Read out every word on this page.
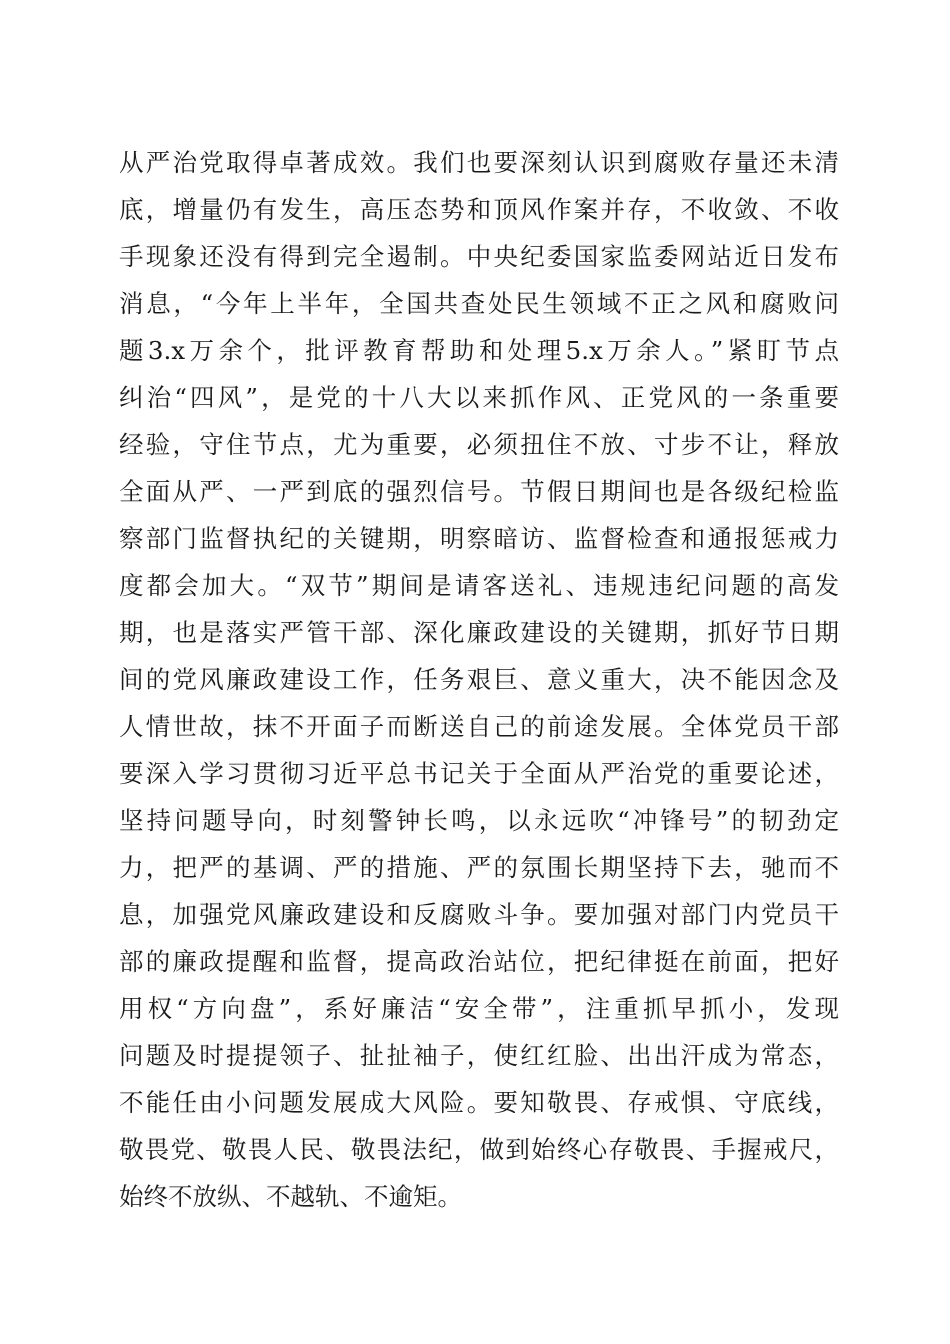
从严治党取得卓著成效。我们也要深刻认识到腐败存量还未清
底，增量仍有发生，高压态势和顶风作案并存，不收敛、不收
手现象还没有得到完全遏制。中央纪委国家监委网站近日发布
消息，“今年上半年，全国共查处民生领域不正之风和腐败问
题3.x万余个，批评教育帮助和处理5.x万余人。”紧盯节点
纠治“四风”，是党的十八大以来抓作风、正党风的一条重要
经验，守住节点，尤为重要，必须扭住不放、寸步不让，释放
全面从严、一严到底的强烈信号。节假日期间也是各级纪检监
察部门监督执纪的关键期，明察暗访、监督检查和通报惩戒力
度都会加大。“双节”期间是请客送礼、违规违纪问题的高发
期，也是落实严管干部、深化廉政建设的关键期，抓好节日期
间的党风廉政建设工作，任务艰巨、意义重大，决不能因念及
人情世故，抹不开面子而断送自己的前途发展。全体党员干部
要深入学习贯彻习近平总书记关于全面从严治党的重要论述，
坚持问题导向，时刻警钟长鸣，以永远吹“冲锋号”的韧劲定
力，把严的基调、严的措施、严的氛围长期坚持下去，驰而不
息，加强党风廉政建设和反腐败斗争。要加强对部门内党员干
部的廉政提醒和监督，提高政治站位，把纪律挺在前面，把好
用权“方向盘”，系好廉洁“安全带”，注重抓早抓小，发现
问题及时提提领子、扯扯袖子，使红红脸、出出汗成为常态，
不能任由小问题发展成大风险。要知敬畏、存戒惧、守底线，
敬畏党、敬畏人民、敬畏法纪，做到始终心存敬畏、手握戒尺，
始终不放纵、不越轨、不逾矩。
